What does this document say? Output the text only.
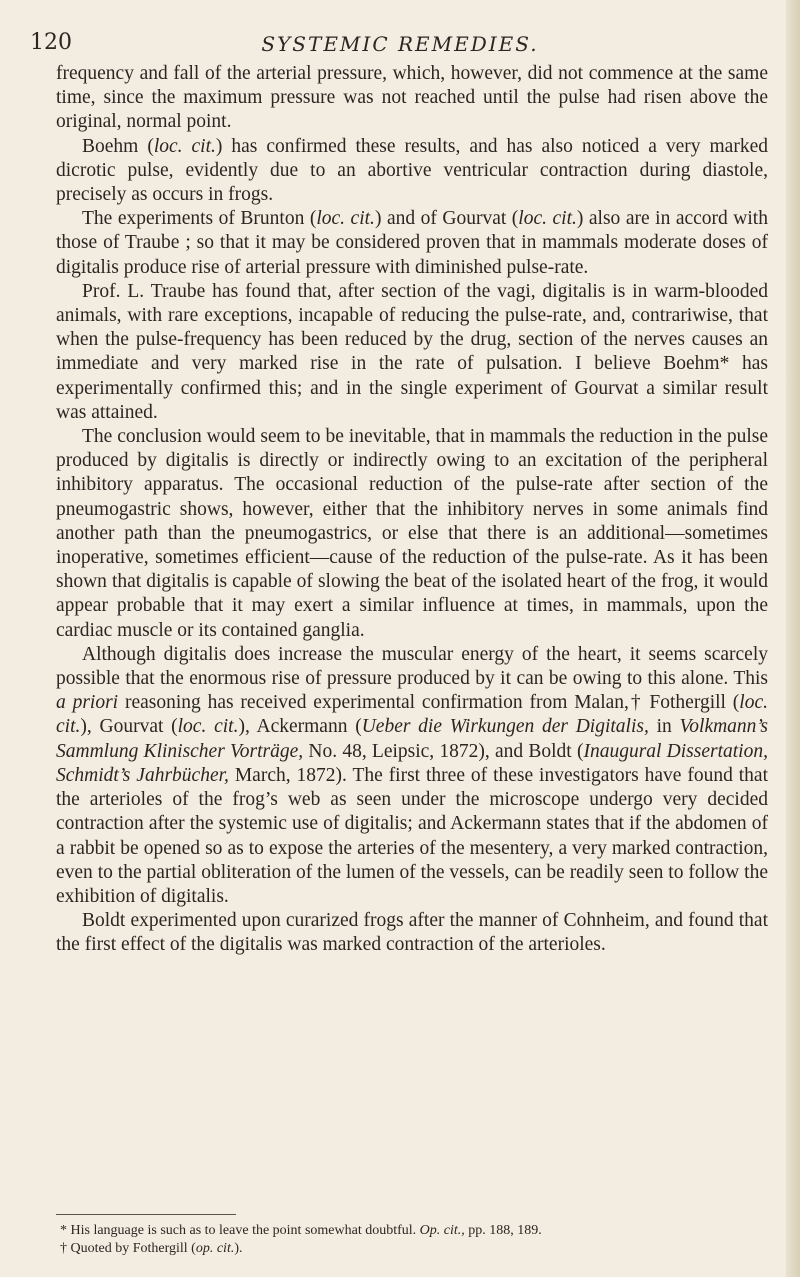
120	SYSTEMIC REMEDIES.

frequency and fall of the arterial pressure, which, however, did not commence at the same time, since the maximum pressure was not reached until the pulse had risen above the original, normal point.

Boehm (loc. cit.) has confirmed these results, and has also noticed a very marked dicrotic pulse, evidently due to an abortive ventricular contraction during diastole, precisely as occurs in frogs.

The experiments of Brunton (loc. cit.) and of Gourvat (loc. cit.) also are in accord with those of Traube ; so that it may be considered proven that in mammals moderate doses of digitalis produce rise of arterial pressure with diminished pulse-rate.

Prof. L. Traube has found that, after section of the vagi, digitalis is in warm-blooded animals, with rare exceptions, incapable of reducing the pulse-rate, and, contrariwise, that when the pulse-frequency has been reduced by the drug, section of the nerves causes an immediate and very marked rise in the rate of pulsation. I believe Boehm* has experimentally confirmed this; and in the single experiment of Gourvat a similar result was attained.

The conclusion would seem to be inevitable, that in mammals the reduction in the pulse produced by digitalis is directly or indirectly owing to an excitation of the peripheral inhibitory apparatus. The occasional reduction of the pulse-rate after section of the pneumogastric shows, however, either that the inhibitory nerves in some animals find another path than the pneumogastrics, or else that there is an additional—sometimes inoperative, sometimes efficient—cause of the reduction of the pulse-rate. As it has been shown that digitalis is capable of slowing the beat of the isolated heart of the frog, it would appear probable that it may exert a similar influence at times, in mammals, upon the cardiac muscle or its contained ganglia.

Although digitalis does increase the muscular energy of the heart, it seems scarcely possible that the enormous rise of pressure produced by it can be owing to this alone. This a priori reasoning has received experimental confirmation from Malan,† Fothergill (loc. cit.), Gourvat (loc. cit.), Ackermann (Ueber die Wirkungen der Digitalis, in Volkmann’s Sammlung Klinischer Vorträge, No. 48, Leipsic, 1872), and Boldt (Inaugural Dissertation, Schmidt’s Jahrbücher, March, 1872). The first three of these investigators have found that the arterioles of the frog’s web as seen under the microscope undergo very decided contraction after the systemic use of digitalis; and Ackermann states that if the abdomen of a rabbit be opened so as to expose the arteries of the mesentery, a very marked contraction, even to the partial obliteration of the lumen of the vessels, can be readily seen to follow the exhibition of digitalis.

Boldt experimented upon curarized frogs after the manner of Cohnheim, and found that the first effect of the digitalis was marked contraction of the arterioles.

* His language is such as to leave the point somewhat doubtful. Op. cit., pp. 188, 189.

† Quoted by Fothergill (op. cit.).
